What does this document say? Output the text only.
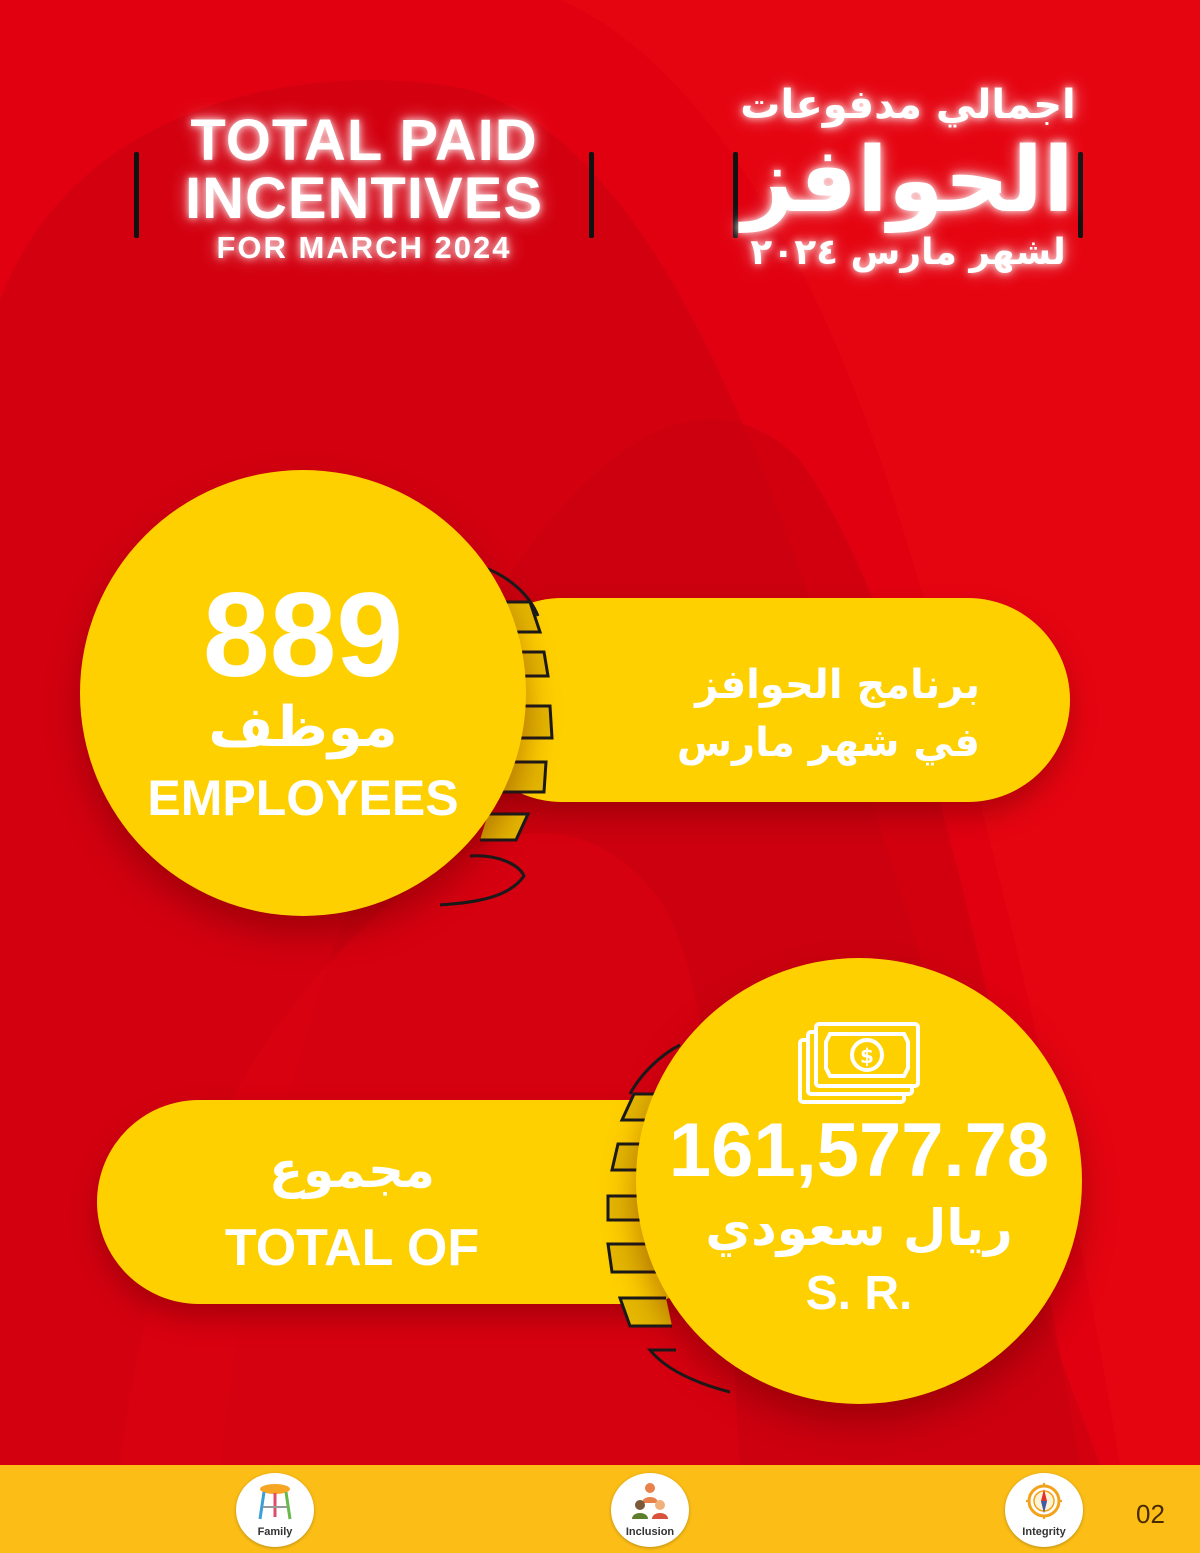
TOTAL PAID
INCENTIVES
FOR MARCH 2024
اجمالي مدفوعات
الحوافز
لشهر مارس ٢٠٢٤
برنامج الحوافز
في شهر مارس
889
موظف
EMPLOYEES
مجموع
TOTAL OF
$
161,577.78
ريال سعودي
S. R.
Family	Inclusion	Integrity
02
